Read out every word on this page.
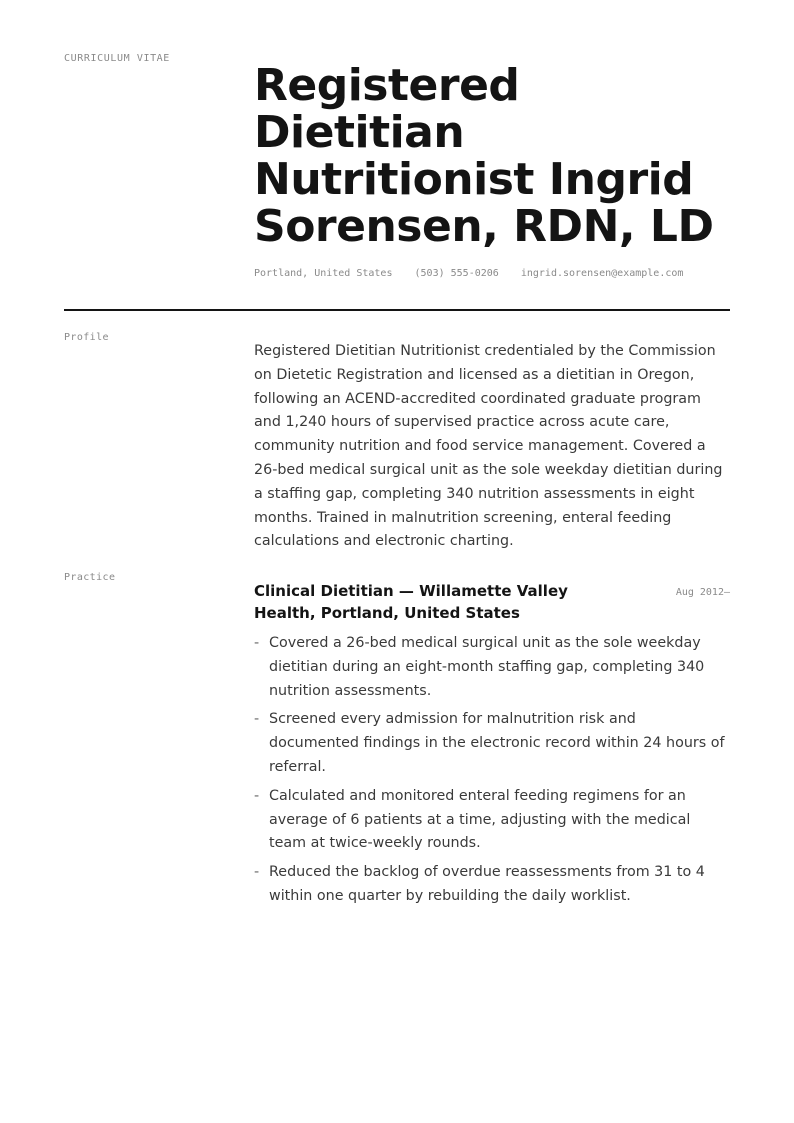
CURRICULUM VITAE
Registered Dietitian Nutritionist Ingrid Sorensen, RDN, LD
Portland, United States (503) 555-0206 ingrid.sorensen@example.com
Profile

Registered Dietitian Nutritionist credentialed by the Commission on Dietetic Registration and licensed as a dietitian in Oregon, following an ACEND-accredited coordinated graduate program and 1,240 hours of supervised practice across acute care, community nutrition and food service management. Covered a 26-bed medical surgical unit as the sole weekday dietitian during a staffing gap, completing 340 nutrition assessments in eight months. Trained in malnutrition screening, enteral feeding calculations and electronic charting.

Practice
Clinical Dietitian — Willamette Valley Health, Portland, United States
Aug 2012–
- Covered a 26-bed medical surgical unit as the sole weekday dietitian during an eight-month staffing gap, completing 340 nutrition assessments.
- Screened every admission for malnutrition risk and documented findings in the electronic record within 24 hours of referral.
- Calculated and monitored enteral feeding regimens for an average of 6 patients at a time, adjusting with the medical team at twice-weekly rounds.
- Reduced the backlog of overdue reassessments from 31 to 4 within one quarter by rebuilding the daily worklist.
